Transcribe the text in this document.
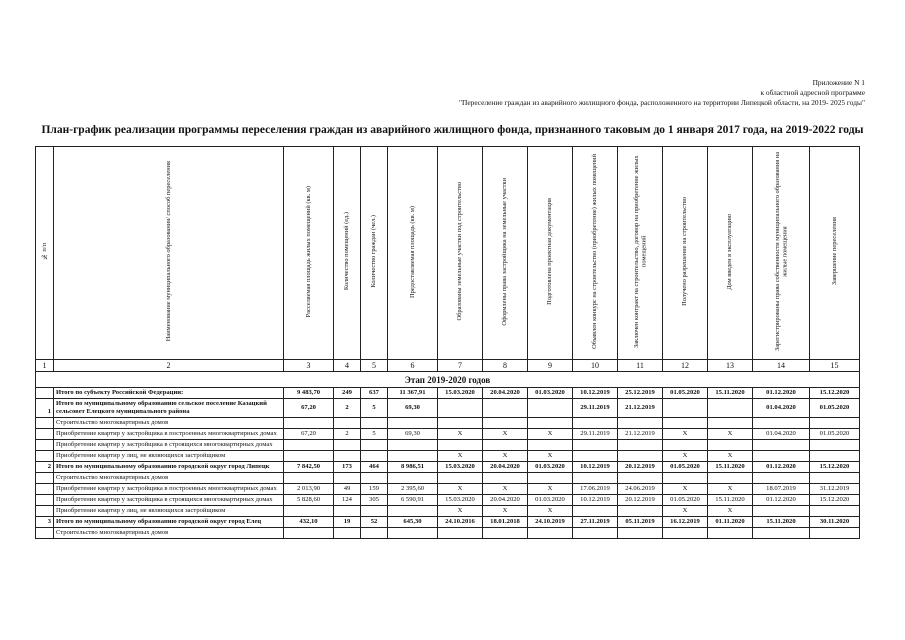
Приложение N 1
к областной адресной программе
"Переселение граждан из аварийного жилищного фонда, расположенного на территории Липецкой области, на 2019- 2025 годы"
План-график реализации программы переселения граждан из аварийного жилищного фонда, признанного таковым до 1 января 2017 года, на 2019-2022 годы
№ п/п	Наименование муниципального образования/ способ переселения	Расселяемая площадь жилых помещений (кв. м)	Количество помещений (ед.)	Количество граждан (чел.)	Предоставляемая площадь (кв. м)	Образованы земельные участки под строительство	Оформлены права застройщика на земельные участки	Подготовлена проектная документация	Объявлен конкурс на строительство (приобретение) жилых помещений	Заключен контракт на строительство, договор на приобретение жилых помещений	Получено разрешение на строительство	Дом введен в эксплуатацию	Зарегистрированы права собственности муниципального образования на жилые помещения	Завершение переселения
1	2	3	4	5	6	7	8	9	10	11	12	13	14	15
Этап 2019-2020 годов														
	Итого по субъекту Российской Федерации:	9 483,70	249	637	11 367,91	15.03.2020	20.04.2020	01.03.2020	10.12.2019	25.12.2019	01.05.2020	15.11.2020	01.12.2020	15.12.2020
1	Итого по муниципальному образованию сельское поселение Казацкий сельсовет Елецкого муниципального района	67,20	2	5	69,30				29.11.2019	21.12.2019			01.04.2020	01.05.2020
	Строительство многоквартирных домов													
	Приобретение квартир у застройщика в построенных многоквартирных домах	67,20	2	5	69,30	X	X	X	29.11.2019	21.12.2019	X	X	01.04.2020	01.05.2020
	Приобретение квартир у застройщика в строящихся многоквартирных домах													
	Приобретение квартир у лиц, не являющихся застройщиком					X	X	X			X	X		
2	Итого по муниципальному образованию городской округ город Липецк	7 842,50	173	464	8 986,51	15.03.2020	20.04.2020	01.03.2020	10.12.2019	20.12.2019	01.05.2020	15.11.2020	01.12.2020	15.12.2020
	Строительство многоквартирных домов													
	Приобретение квартир у застройщика в построенных многоквартирных домах	2 013,90	49	159	2 395,60	X	X	X	17.06.2019	24.06.2019	X	X	18.07.2019	31.12.2019
	Приобретение квартир у застройщика в строящихся многоквартирных домах	5 828,60	124	305	6 590,91	15.03.2020	20.04.2020	01.03.2020	10.12.2019	20.12.2019	01.05.2020	15.11.2020	01.12.2020	15.12.2020
	Приобретение квартир у лиц, не являющихся застройщиком					X	X	X			X	X		
3	Итого по муниципальному образованию городской округ город Елец	432,10	19	52	645,30	24.10.2016	18.01.2018	24.10.2019	27.11.2019	05.11.2019	16.12.2019	01.11.2020	15.11.2020	30.11.2020
	Строительство многоквартирных домов													
